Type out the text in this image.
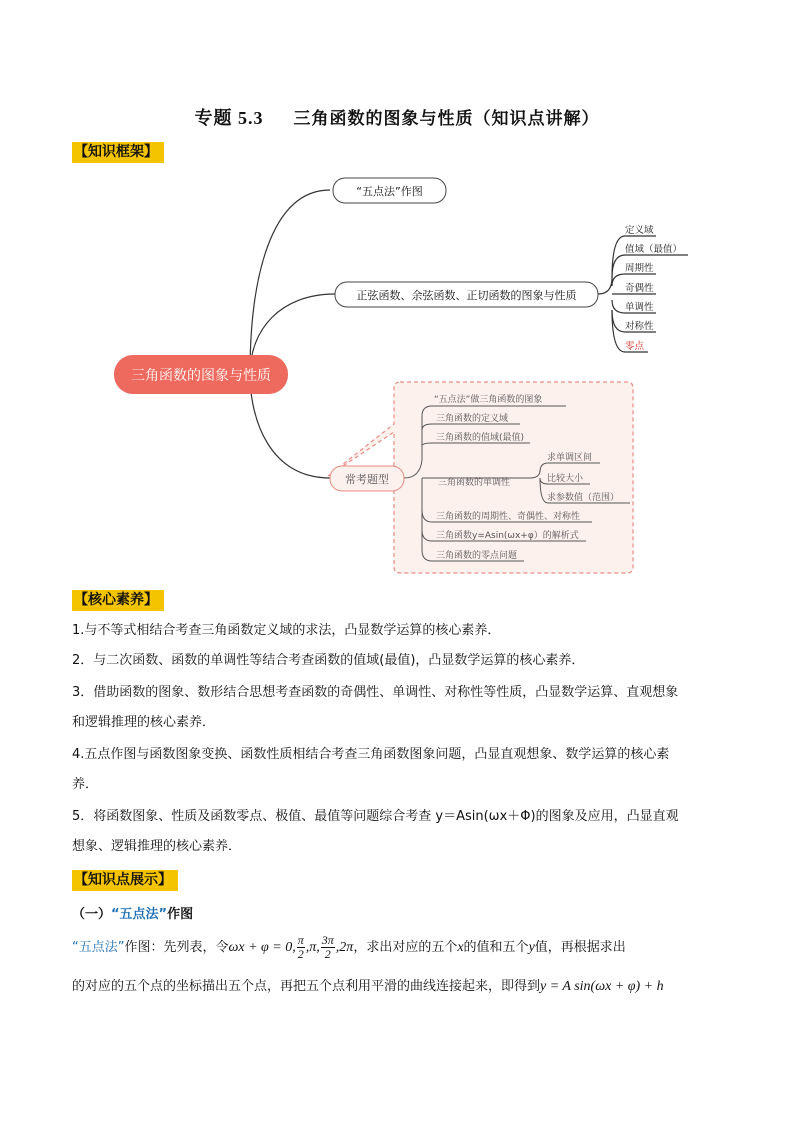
专题 5.3 三角函数的图象与性质（知识点讲解）
【知识框架】
三角函数的图象与性质
“五点法”作图
正弦函数、余弦函数、正切函数的图象与性质
定义域
值域（最值）
周期性
奇偶性
单调性
对称性
零点
常考题型
“五点法”做三角函数的图象
三角函数的定义域
三角函数的值域(最值)
三角函数的单调性
求单调区间
比较大小
求参数值（范围）
三角函数的周期性、奇偶性、对称性
三角函数y=Asin(ωx+φ）的解析式
三角函数的零点问题
【核心素养】
1.与不等式相结合考查三角函数定义域的求法，凸显数学运算的核心素养．
2．与二次函数、函数的单调性等结合考查函数的值域(最值)，凸显数学运算的核心素养．
3．借助函数的图象、数形结合思想考查函数的奇偶性、单调性、对称性等性质，凸显数学运算、直观想象
和逻辑推理的核心素养．
4.五点作图与函数图象变换、函数性质相结合考查三角函数图象问题，凸显直观想象、数学运算的核心素
养．
5．将函数图象、性质及函数零点、极值、最值等问题综合考查 y＝Asin(ωx＋Φ)的图象及应用，凸显直观
想象、逻辑推理的核心素养．
【知识点展示】
（一）“五点法”作图
“五点法”作图：先列表，令ωx + φ = 0, $\frac{\pi}{2} ,\pi$, $\frac{3\pi}{2} ,2\pi$，求出对应的五个x的值和五个y值，再根据求出
的对应的五个点的坐标描出五个点，再把五个点利用平滑的曲线连接起来，即得到y = A sin(ωx + φ) + h
